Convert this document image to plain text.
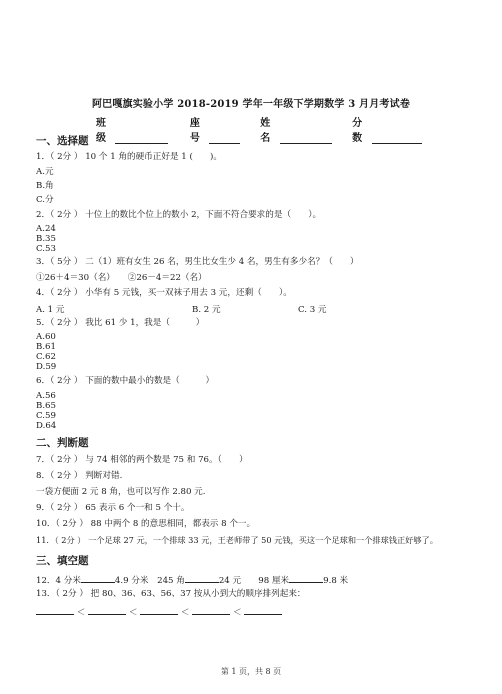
阿巴嘎旗实验小学 2018-2019 学年一年级下学期数学 3 月月考试卷
班级
座号
姓名
分数
一、选择题
1．（ 2分 ） 10 个 1 角的硬币正好是 1 (　　)。
A.元
B.角
C.分
2．（ 2分 ） 十位上的数比个位上的数小 2，下面不符合要求的是（　　）。
A.24
B.35
C.53
3．（ 5分 ） 二（1）班有女生 26 名，男生比女生少 4 名，男生有多少名？（　　）
①26＋4＝30（名）　　②26－4＝22（名）
4．（ 2分 ） 小华有 5 元钱，买一双袜子用去 3 元，还剩（　　）。
A. 1 元	B. 2 元	C. 3 元
5．（ 2分 ） 我比 61 少 1，我是（　　　）
A.60
B.61
C.62
D.59
6．（ 2分 ） 下面的数中最小的数是（　　　）
A.56
B.65
C.59
D.64
二、判断题
7．（ 2分 ） 与 74 相邻的两个数是 75 和 76。（　　）
8．（ 2分 ） 判断对错.
一袋方便面 2 元 8 角，也可以写作 2.80 元.
9．（ 2分 ） 65 表示 6 个一和 5 个十。
10．（ 2分 ） 88 中两个 8 的意思相同，都表示 8 个一。
11．（ 2分 ） 一个足球 27 元，一个排球 33 元，王老师带了 50 元钱，买这一个足球和一个排球钱正好够了。
三、填空题
12．4 分米	4.9 分米　245 角	24 元　　98 厘米	9.8 米
13．（ 2分 ） 把 80、36、63、56、37 按从小到大的顺序排列起来：
＜	＜	＜	＜
第 1 页，共 8 页
